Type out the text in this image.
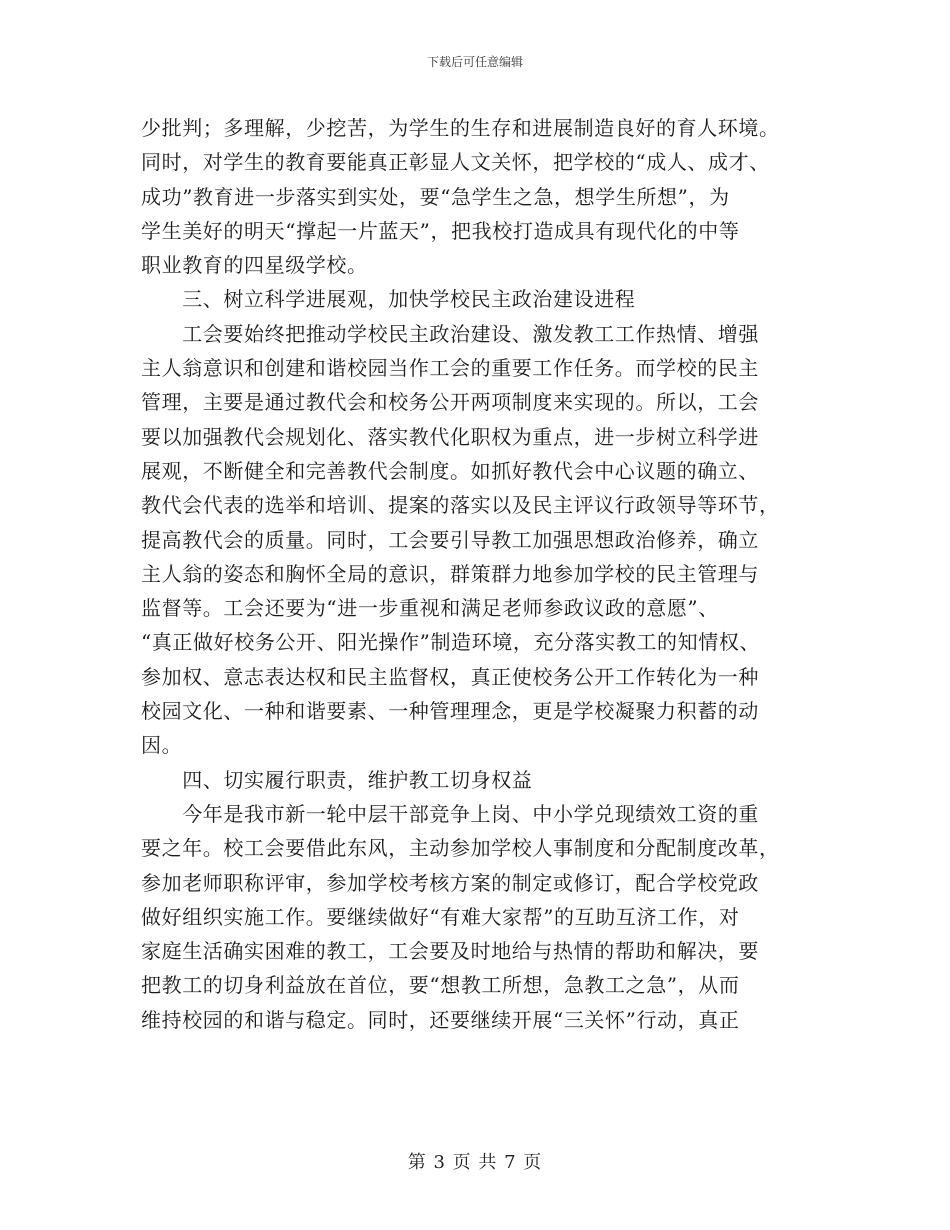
下载后可任意编辑

少批判；多理解，少挖苦，为学生的生存和进展制造良好的育人环境。

同时，对学生的教育要能真正彰显人文关怀，把学校的“成人、成才、

成功”教育进一步落实到实处，要“急学生之急，想学生所想”，为

学生美好的明天“撑起一片蓝天”，把我校打造成具有现代化的中等

职业教育的四星级学校。

　　三、树立科学进展观，加快学校民主政治建设进程

　　工会要始终把推动学校民主政治建设、激发教工工作热情、增强

主人翁意识和创建和谐校园当作工会的重要工作任务。而学校的民主

管理，主要是通过教代会和校务公开两项制度来实现的。所以，工会

要以加强教代会规划化、落实教代化职权为重点，进一步树立科学进

展观，不断健全和完善教代会制度。如抓好教代会中心议题的确立、

教代会代表的选举和培训、提案的落实以及民主评议行政领导等环节，

提高教代会的质量。同时，工会要引导教工加强思想政治修养，确立

主人翁的姿态和胸怀全局的意识，群策群力地参加学校的民主管理与

监督等。工会还要为“进一步重视和满足老师参政议政的意愿”、

“真正做好校务公开、阳光操作”制造环境，充分落实教工的知情权、

参加权、意志表达权和民主监督权，真正使校务公开工作转化为一种

校园文化、一种和谐要素、一种管理理念，更是学校凝聚力积蓄的动

因。

　　四、切实履行职责，维护教工切身权益

　　今年是我市新一轮中层干部竞争上岗、中小学兑现绩效工资的重

要之年。校工会要借此东风，主动参加学校人事制度和分配制度改革，

参加老师职称评审，参加学校考核方案的制定或修订，配合学校党政

做好组织实施工作。要继续做好“有难大家帮”的互助互济工作，对

家庭生活确实困难的教工，工会要及时地给与热情的帮助和解决，要

把教工的切身利益放在首位，要“想教工所想，急教工之急”，从而

维持校园的和谐与稳定。同时，还要继续开展“三关怀”行动，真正

第 3 页 共 7 页
